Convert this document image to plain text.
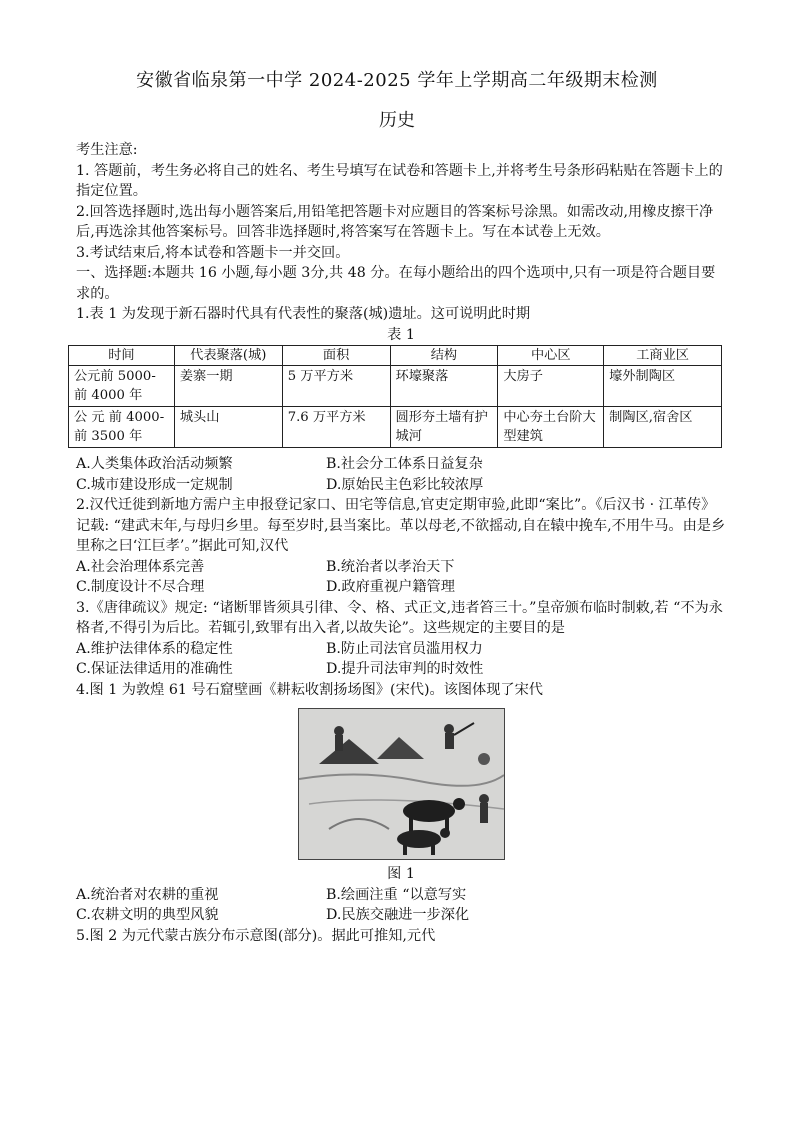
安徽省临泉第一中学 2024-2025 学年上学期高二年级期末检测
历史

考生注意:

1. 答题前，考生务必将自己的姓名、考生号填写在试卷和答题卡上,并将考生号条形码粘贴在答题卡上的指定位置。

2.回答选择题时,选出每小题答案后,用铅笔把答题卡对应题目的答案标号涂黑。如需改动,用橡皮擦干净后,再选涂其他答案标号。回答非选择题时,将答案写在答题卡上。写在本试卷上无效。

3.考试结束后,将本试卷和答题卡一并交回。

一、选择题:本题共 16 小题,每小题 3分,共 48 分。在每小题给出的四个选项中,只有一项是符合题目要求的。

1.表 1 为发现于新石器时代具有代表性的聚落(城)遗址。这可说明此时期

表 1

时间	代表聚落(城)	面积	结构	中心区	工商业区
公元前 5000-前 4000 年	姜寨一期	5 万平方米	环壕聚落	大房子	壕外制陶区
公 元 前 4000-前 3500 年	城头山	7.6 万平方米	圆形夯土墙有护城河	中心夯土台阶大型建筑	制陶区,宿舍区
A.人类集体政治活动频繁	B.社会分工体系日益复杂
C.城市建设形成一定规制	D.原始民主色彩比较浓厚

2.汉代迁徙到新地方需户主申报登记家口、田宅等信息,官吏定期审验,此即“案比”。《后汉书 · 江革传》记载: “建武末年,与母归乡里。每至岁时,县当案比。革以母老,不欲摇动,自在辕中挽车,不用牛马。由是乡里称之曰‘江巨孝’。”据此可知,汉代

A.社会治理体系完善	B.统治者以孝治天下
C.制度设计不尽合理	D.政府重视户籍管理

3.《唐律疏议》规定: “诸断罪皆须具引律、令、格、式正文,违者笞三十。”皇帝颁布临时制敕,若 “不为永格者,不得引为后比。若辄引,致罪有出入者,以故失论”。这些规定的主要目的是

A.维护法律体系的稳定性	B.防止司法官员滥用权力
C.保证法律适用的准确性	D.提升司法审判的时效性

4.图 1 为敦煌 61 号石窟壁画《耕耘收割扬场图》(宋代)。该图体现了宋代

图 1

A.统治者对农耕的重视	B.绘画注重 “以意写实
C.农耕文明的典型风貌	D.民族交融进一步深化

5.图 2 为元代蒙古族分布示意图(部分)。据此可推知,元代
